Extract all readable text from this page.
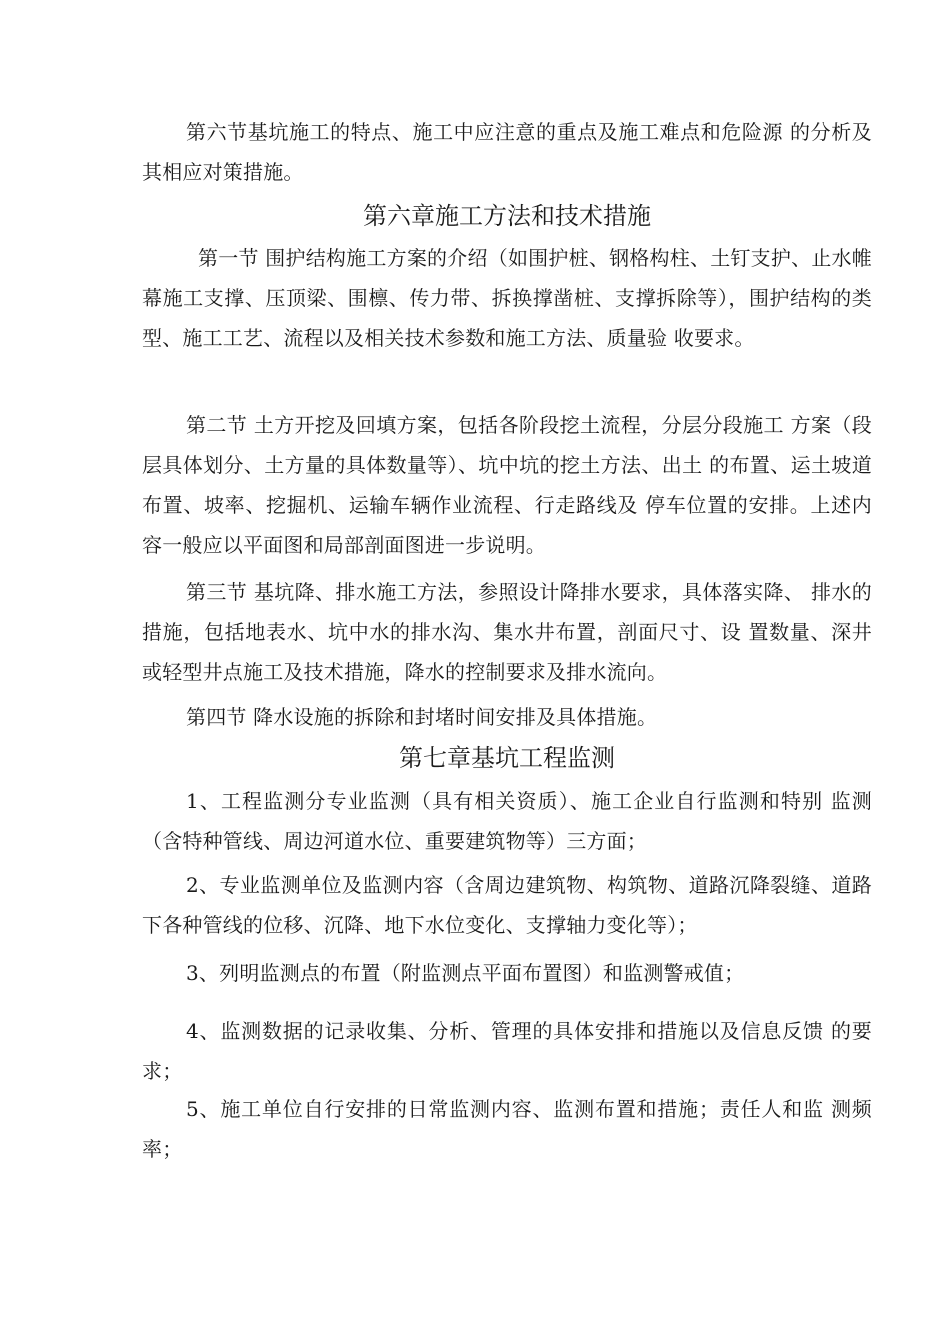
第六节基坑施工的特点、施工中应注意的重点及施工难点和危险源 的分析及其相应对策措施。

第六章施工方法和技术措施

第一节 围护结构施工方案的介绍（如围护桩、钢格构柱、土钉支护、止水帷幕施工支撑、压顶梁、围檩、传力带、拆换撑凿桩、支撑拆除等），围护结构的类型、施工工艺、流程以及相关技术参数和施工方法、质量验 收要求。

第二节 土方开挖及回填方案，包括各阶段挖土流程，分层分段施工 方案（段层具体划分、土方量的具体数量等）、坑中坑的挖土方法、出土 的布置、运土坡道布置、坡率、挖掘机、运输车辆作业流程、行走路线及 停车位置的安排。上述内容一般应以平面图和局部剖面图进一步说明。

第三节 基坑降、排水施工方法，参照设计降排水要求，具体落实降、 排水的措施，包括地表水、坑中水的排水沟、集水井布置，剖面尺寸、设 置数量、深井或轻型井点施工及技术措施，降水的控制要求及排水流向。

第四节 降水设施的拆除和封堵时间安排及具体措施。

第七章基坑工程监测

1、工程监测分专业监测（具有相关资质）、施工企业自行监测和特别 监测（含特种管线、周边河道水位、重要建筑物等）三方面；

2、专业监测单位及监测内容（含周边建筑物、构筑物、道路沉降裂缝、道路下各种管线的位移、沉降、地下水位变化、支撑轴力变化等）；

3、列明监测点的布置（附监测点平面布置图）和监测警戒值；

4、监测数据的记录收集、分析、管理的具体安排和措施以及信息反馈 的要求；

5、施工单位自行安排的日常监测内容、监测布置和措施；责任人和监 测频率；
